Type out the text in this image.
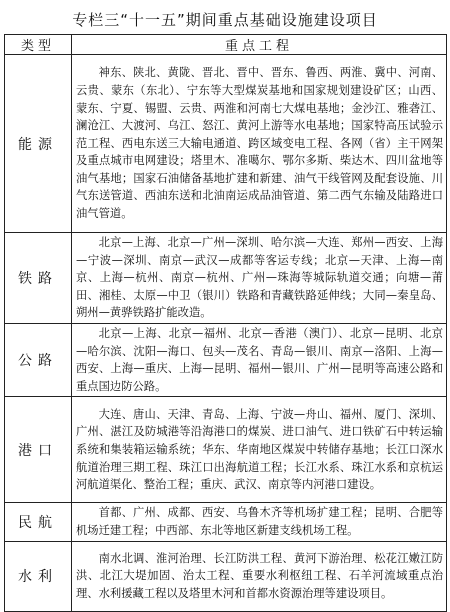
专栏三“十一五”期间重点基础设施建设项目
类型	重点工程
能源	神东、陕北、黄陇、晋北、晋中、晋东、鲁西、两淮、冀中、河南、云贵、蒙东（东北）、宁东等大型煤炭基地和国家规划建设矿区；山西、蒙东、宁夏、锡盟、云贵、两淮和河南七大煤电基地；金沙江、雅砻江、澜沧江、大渡河、乌江、怒江、黄河上游等水电基地；国家特高压试验示范工程、西电东送三大输电通道、跨区域变电工程、各网（省）主干网架及重点城市电网建设；塔里木、准噶尔、鄂尔多斯、柴达木、四川盆地等油气基地；国家石油储备基地扩建和新建、油气干线管网及配套设施、川气东送管道、西油东送和北油南运成品油管道、第二西气东输及陆路进口油气管道。
铁路	北京—上海、北京—广州—深圳、哈尔滨—大连、郑州—西安、上海—宁波—深圳、南京—武汉—成都等客运专线；北京—天津、上海—南京、上海—杭州、南京—杭州、广州—珠海等城际轨道交通；向塘—莆田、湘桂、太原—中卫（银川）铁路和青藏铁路延伸线；大同—秦皇岛、朔州—黄骅铁路扩能改造。
公路	北京—上海、北京—福州、北京—香港（澳门）、北京—昆明、北京—哈尔滨、沈阳—海口、包头—茂名、青岛—银川、南京—洛阳、上海—西安、上海—重庆、上海—昆明、福州—银川、广州—昆明等高速公路和重点国边防公路。
港口	大连、唐山、天津、青岛、上海、宁波—舟山、福州、厦门、深圳、广州、湛江及防城港等沿海港口的煤炭、进口油气、进口铁矿石中转运输系统和集装箱运输系统；华东、华南地区煤炭中转储存基地；长江口深水航道治理三期工程、珠江口出海航道工程；长江水系、珠江水系和京杭运河航道渠化、整治工程；重庆、武汉、南京等内河港口建设。
民航	首都、广州、成都、西安、乌鲁木齐等机场扩建工程；昆明、合肥等机场迁建工程；中西部、东北等地区新建支线机场工程。
水利	南水北调、淮河治理、长江防洪工程、黄河下游治理、松花江嫩江防洪、北江大堤加固、治太工程、重要水利枢纽工程、石羊河流域重点治理、水利援藏工程以及塔里木河和首都水资源治理等建设项目。
